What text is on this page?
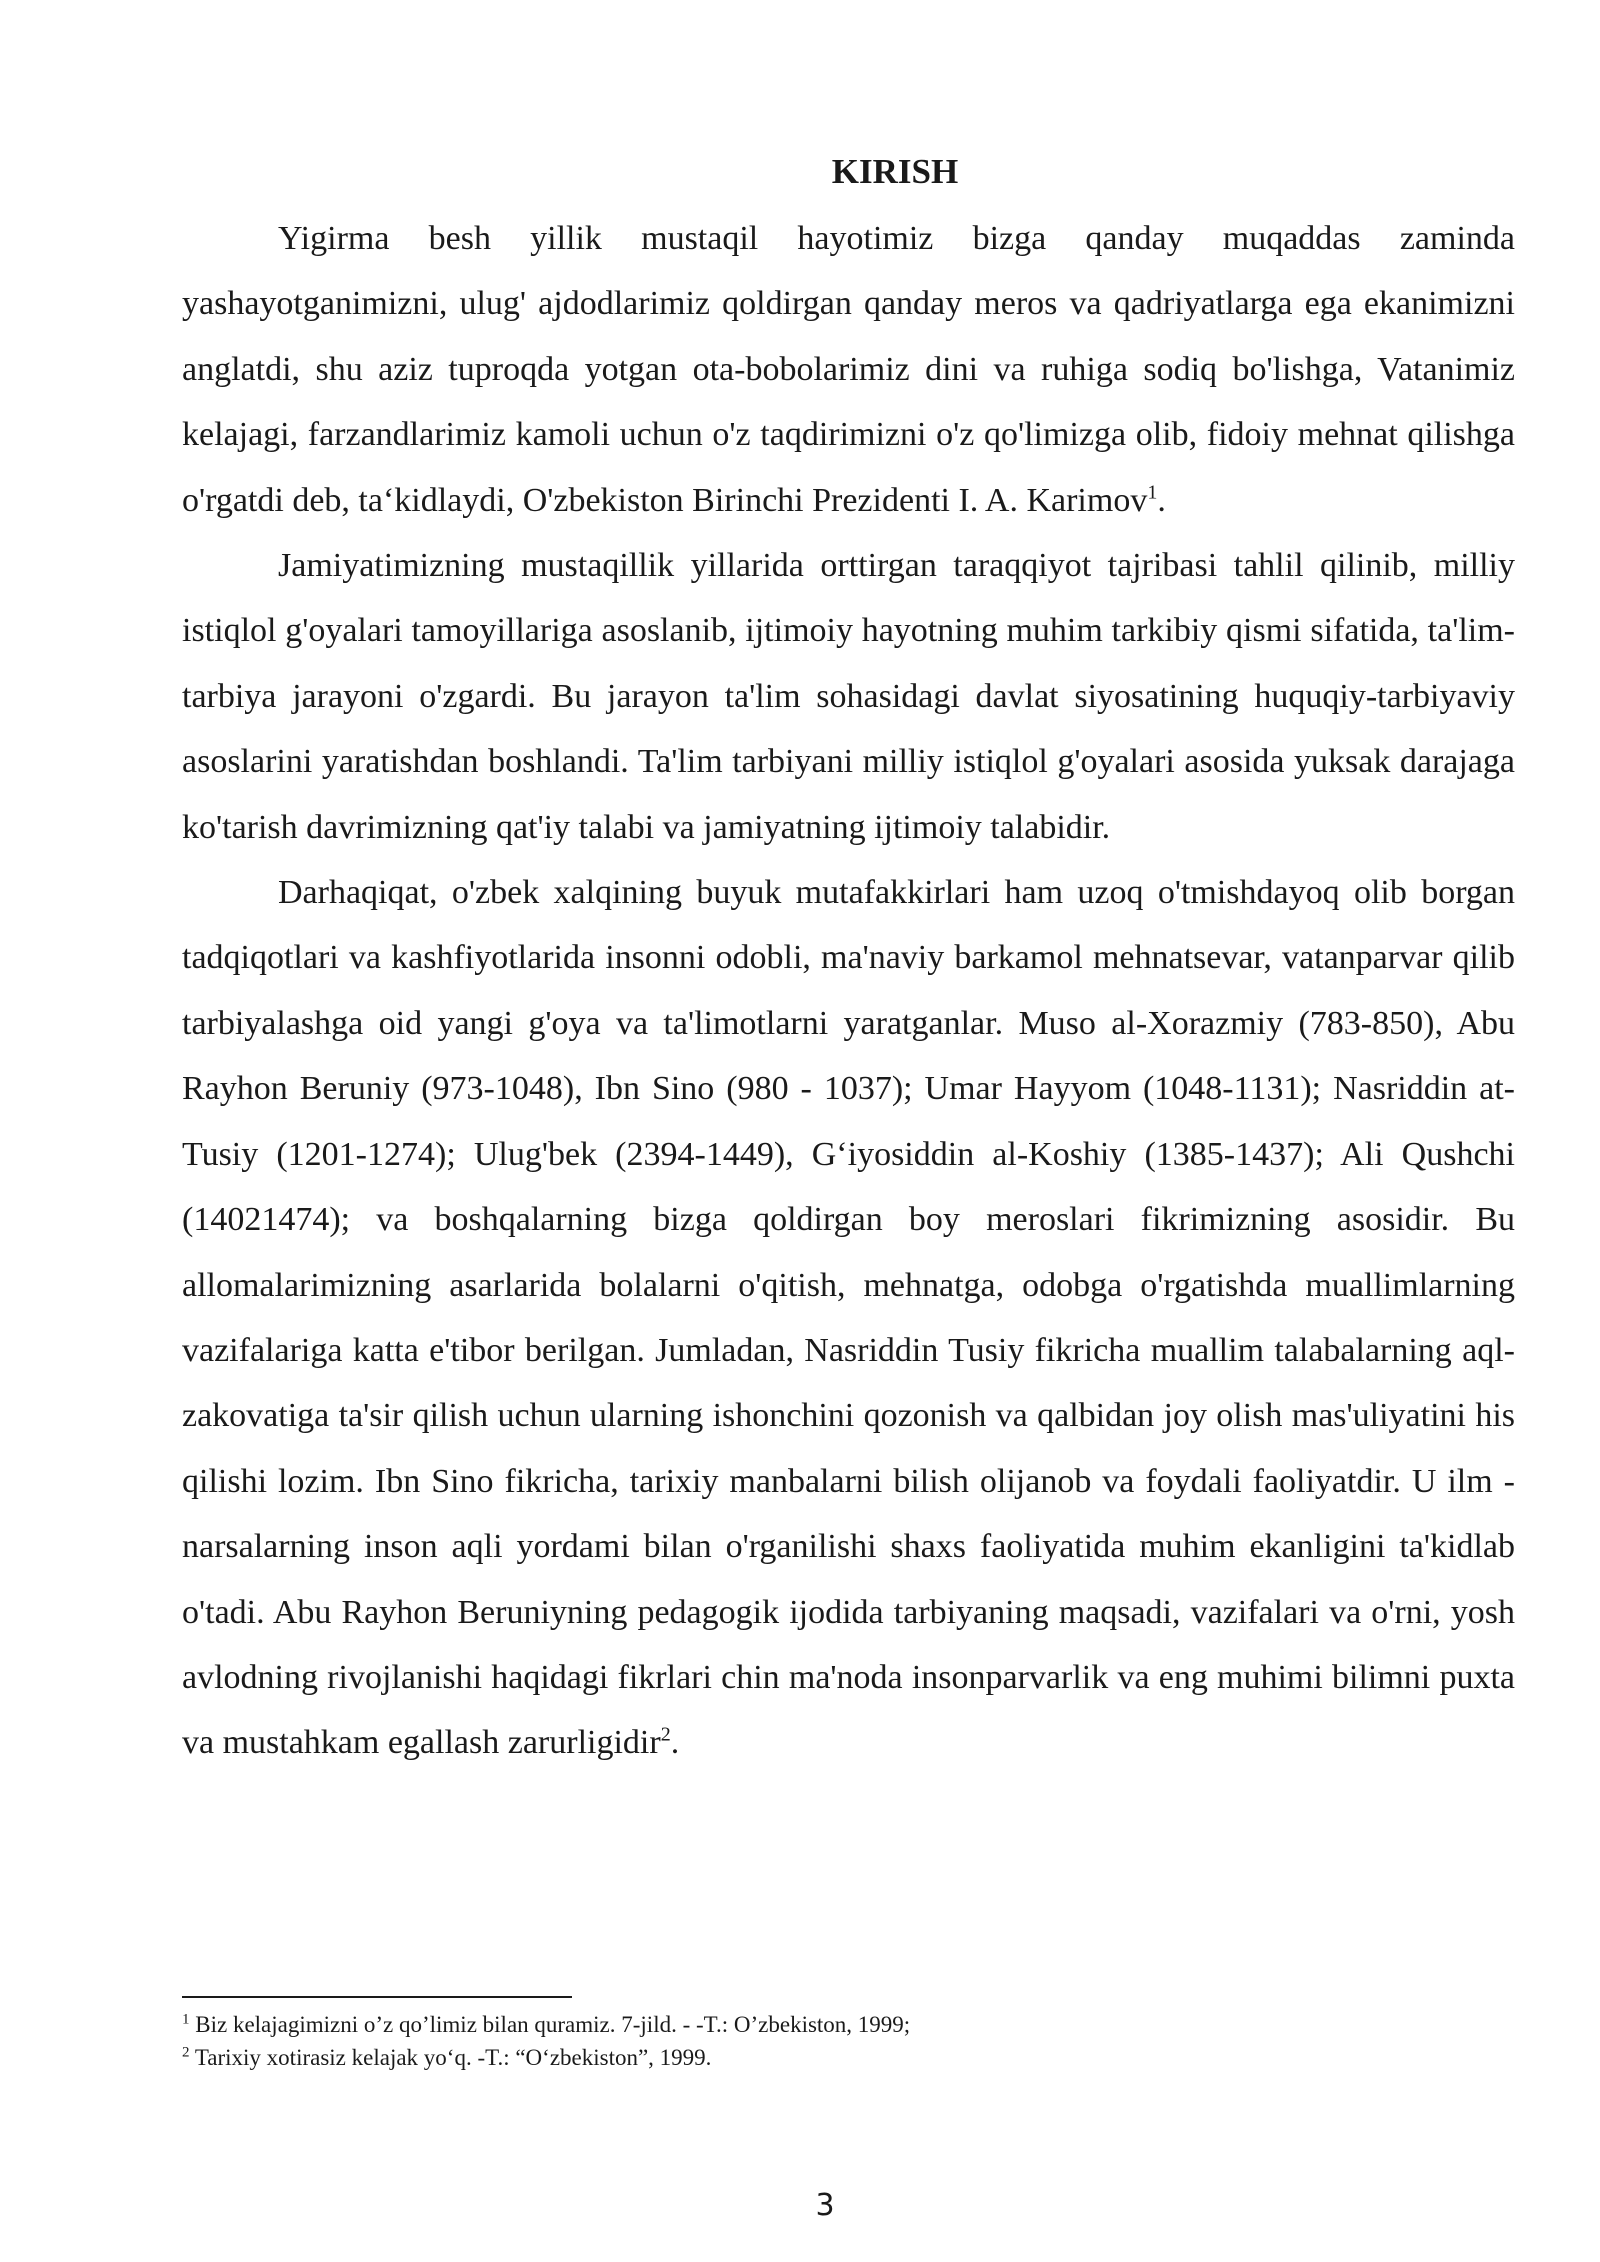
KIRISH

Yigirma besh yillik mustaqil hayotimiz bizga qanday muqaddas zaminda yashayotganimizni, ulug' ajdodlarimiz qoldirgan qanday meros va qadriyatlarga ega ekanimizni anglatdi, shu aziz tuproqda yotgan ota-bobolarimiz dini va ruhiga sodiq bo'lishga, Vatanimiz kelajagi, farzandlarimiz kamoli uchun o'z taqdirimizni o'z qo'limizga olib, fidoiy mehnat qilishga o'rgatdi deb, ta‘kidlaydi, O'zbekiston Birinchi Prezidenti I. A. Karimov$^1$.

Jamiyatimizning mustaqillik yillarida orttirgan taraqqiyot tajribasi tahlil qilinib, milliy istiqlol g'oyalari tamoyillariga asoslanib, ijtimoiy hayotning muhim tarkibiy qismi sifatida, ta'lim-tarbiya jarayoni o'zgardi. Bu jarayon ta'lim sohasidagi davlat siyosatining huquqiy-tarbiyaviy asoslarini yaratishdan boshlandi. Ta'lim tarbiyani milliy istiqlol g'oyalari asosida yuksak darajaga ko'tarish davrimizning qat'iy talabi va jamiyatning ijtimoiy talabidir.

Darhaqiqat, o'zbek xalqining buyuk mutafakkirlari ham uzoq o'tmishdayoq olib borgan tadqiqotlari va kashfiyotlarida insonni odobli, ma'naviy barkamol mehnatsevar, vatanparvar qilib tarbiyalashga oid yangi g'oya va ta'limotlarni yaratganlar. Muso al-Xorazmiy (783-850), Abu Rayhon Beruniy (973-1048), Ibn Sino (980 - 1037); Umar Hayyom (1048-1131); Nasriddin at-Tusiy (1201-1274); Ulug'bek (2394-1449), G‘iyosiddin al-Koshiy (1385-1437); Ali Qushchi (14021474); va boshqalarning bizga qoldirgan boy meroslari fikrimizning asosidir. Bu allomalarimizning asarlarida bolalarni o'qitish, mehnatga, odobga o'rgatishda muallimlarning vazifalariga katta e'tibor berilgan. Jumladan, Nasriddin Tusiy fikricha muallim talabalarning aql-zakovatiga ta'sir qilish uchun ularning ishonchini qozonish va qalbidan joy olish mas'uliyatini his qilishi lozim. Ibn Sino fikricha, tarixiy manbalarni bilish olijanob va foydali faoliyatdir. U ilm - narsalarning inson aqli yordami bilan o'rganilishi shaxs faoliyatida muhim ekanligini ta'kidlab o'tadi. Abu Rayhon Beruniyning pedagogik ijodida tarbiyaning maqsadi, vazifalari va o'rni, yosh avlodning rivojlanishi haqidagi fikrlari chin ma'noda insonparvarlik va eng muhimi bilimni puxta va mustahkam egallash zarurligidir$^2$.

$^1$ Biz kelajagimizni o’z qo’limiz bilan quramiz. 7-jild. - -T.: O’zbekiston, 1999;

$^2$ Tarixiy xotirasiz kelajak yo‘q. -T.: “O‘zbekiston”, 1999.

3
